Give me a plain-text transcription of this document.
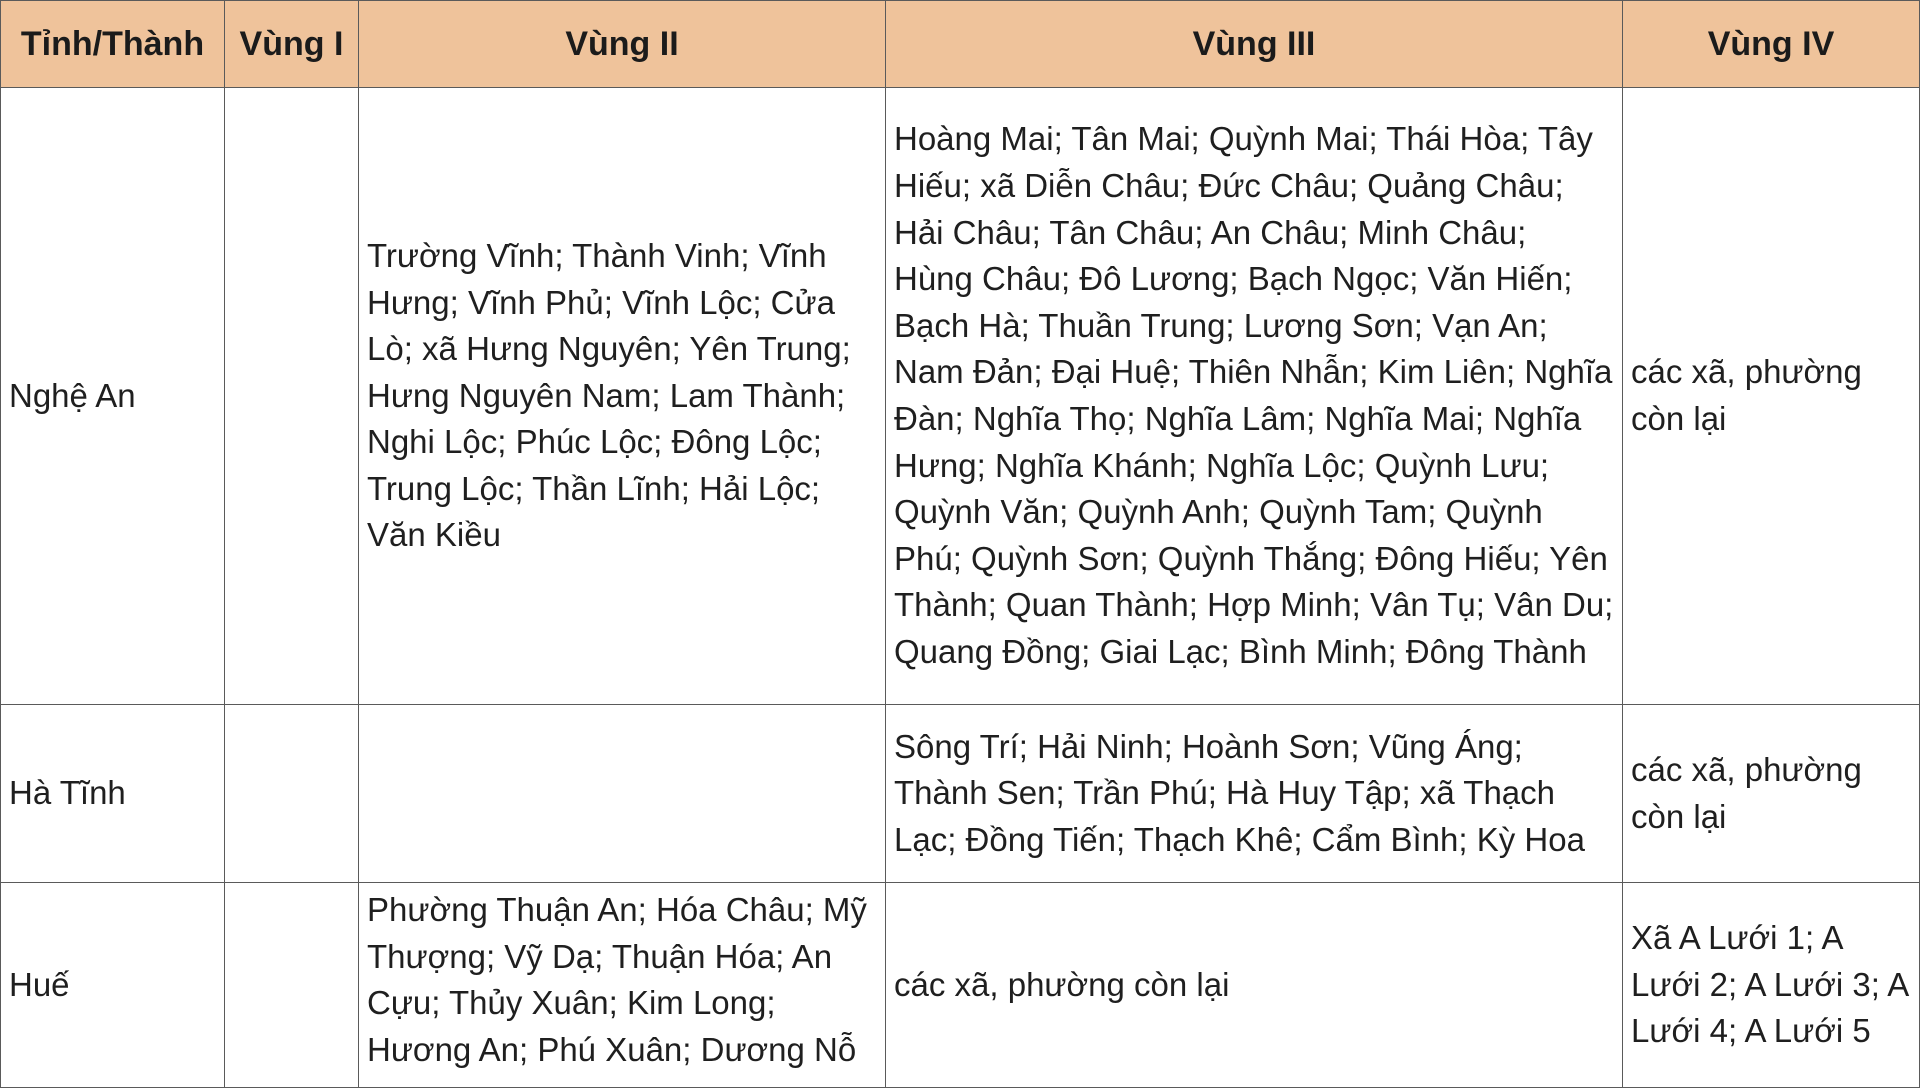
Tỉnh/Thành	Vùng I	Vùng II	Vùng III	Vùng IV
Nghệ An		Trường Vĩnh; Thành Vinh; Vĩnh Hưng; Vĩnh Phủ; Vĩnh Lộc; Cửa Lò; xã Hưng Nguyên; Yên Trung; Hưng Nguyên Nam; Lam Thành; Nghi Lộc; Phúc Lộc; Đông Lộc; Trung Lộc; Thần Lĩnh; Hải Lộc; Văn Kiều	Hoàng Mai; Tân Mai; Quỳnh Mai; Thái Hòa; Tây Hiếu; xã Diễn Châu; Đức Châu; Quảng Châu; Hải Châu; Tân Châu; An Châu; Minh Châu; Hùng Châu; Đô Lương; Bạch Ngọc; Văn Hiến; Bạch Hà; Thuần Trung; Lương Sơn; Vạn An; Nam Đản; Đại Huệ; Thiên Nhẫn; Kim Liên; Nghĩa Đàn; Nghĩa Thọ; Nghĩa Lâm; Nghĩa Mai; Nghĩa Hưng; Nghĩa Khánh; Nghĩa Lộc; Quỳnh Lưu; Quỳnh Văn; Quỳnh Anh; Quỳnh Tam; Quỳnh Phú; Quỳnh Sơn; Quỳnh Thắng; Đông Hiếu; Yên Thành; Quan Thành; Hợp Minh; Vân Tụ; Vân Du; Quang Đồng; Giai Lạc; Bình Minh; Đông Thành	các xã, phường còn lại
Hà Tĩnh			Sông Trí; Hải Ninh; Hoành Sơn; Vũng Áng; Thành Sen; Trần Phú; Hà Huy Tập; xã Thạch Lạc; Đồng Tiến; Thạch Khê; Cẩm Bình; Kỳ Hoa	các xã, phường còn lại
Huế		Phường Thuận An; Hóa Châu; Mỹ Thượng; Vỹ Dạ; Thuận Hóa; An Cựu; Thủy Xuân; Kim Long; Hương An; Phú Xuân; Dương Nỗ	các xã, phường còn lại	Xã A Lưới 1; A Lưới 2; A Lưới 3; A Lưới 4; A Lưới 5
